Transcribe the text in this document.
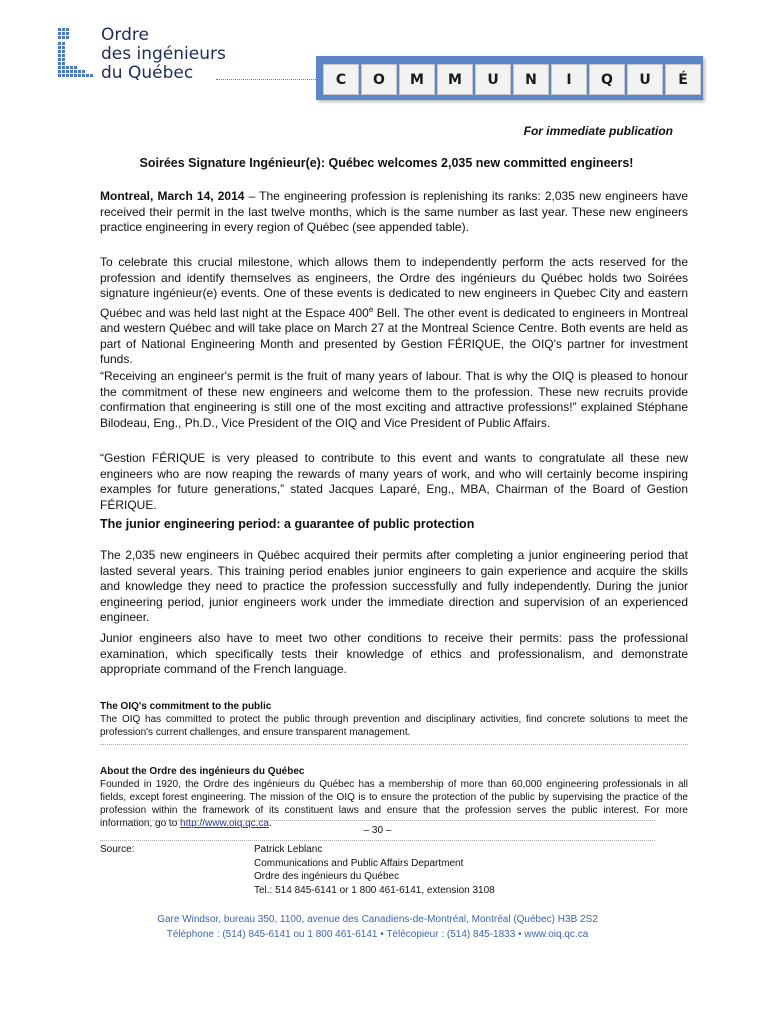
Ordre
des ingénieurs
du Québec	C	O	M	M	U	N	I	Q	U	É
For immediate publication
Soirées Signature Ingénieur(e): Québec welcomes 2,035 new committed engineers!
Montreal, March 14, 2014 – The engineering profession is replenishing its ranks: 2,035 new engineers have received their permit in the last twelve months, which is the same number as last year. These new engineers practice engineering in every region of Québec (see appended table).
To celebrate this crucial milestone, which allows them to independently perform the acts reserved for the profession and identify themselves as engineers, the Ordre des ingénieurs du Québec holds two Soirées signature ingénieur(e) events. One of these events is dedicated to new engineers in Quebec City and eastern Québec and was held last night at the Espace 400e Bell. The other event is dedicated to engineers in Montreal and western Québec and will take place on March 27 at the Montreal Science Centre. Both events are held as part of National Engineering Month and presented by Gestion FÉRIQUE, the OIQ's partner for investment funds.
“Receiving an engineer's permit is the fruit of many years of labour. That is why the OIQ is pleased to honour the commitment of these new engineers and welcome them to the profession. These new recruits provide confirmation that engineering is still one of the most exciting and attractive professions!” explained Stéphane Bilodeau, Eng., Ph.D., Vice President of the OIQ and Vice President of Public Affairs.
“Gestion FÉRIQUE is very pleased to contribute to this event and wants to congratulate all these new engineers who are now reaping the rewards of many years of work, and who will certainly become inspiring examples for future generations,” stated Jacques Laparé, Eng., MBA, Chairman of the Board of Gestion FÉRIQUE.
The junior engineering period: a guarantee of public protection
The 2,035 new engineers in Québec acquired their permits after completing a junior engineering period that lasted several years. This training period enables junior engineers to gain experience and acquire the skills and knowledge they need to practice the profession successfully and fully independently. During the junior engineering period, junior engineers work under the immediate direction and supervision of an experienced engineer.
Junior engineers also have to meet two other conditions to receive their permits: pass the professional examination, which specifically tests their knowledge of ethics and professionalism, and demonstrate appropriate command of the French language.
The OIQ's commitment to the public
The OIQ has committed to protect the public through prevention and disciplinary activities, find concrete solutions to meet the profession's current challenges, and ensure transparent management.
About the Ordre des ingénieurs du Québec
Founded in 1920, the Ordre des ingénieurs du Québec has a membership of more than 60,000 engineering professionals in all fields, except forest engineering. The mission of the OIQ is to ensure the protection of the public by supervising the practice of the profession within the framework of its constituent laws and ensure that the profession serves the public interest. For more information, go to http://www.oiq.qc.ca.
– 30 –
Source:	Patrick Leblanc
Communications and Public Affairs Department
Ordre des ingénieurs du Québec
Tel.: 514 845-6141 or 1 800 461-6141, extension 3108
Gare Windsor, bureau 350, 1100, avenue des Canadiens-de-Montréal, Montréal (Québec) H3B 2S2
Téléphone : (514) 845-6141 ou 1 800 461-6141 • Télécopieur : (514) 845-1833 • www.oiq.qc.ca
